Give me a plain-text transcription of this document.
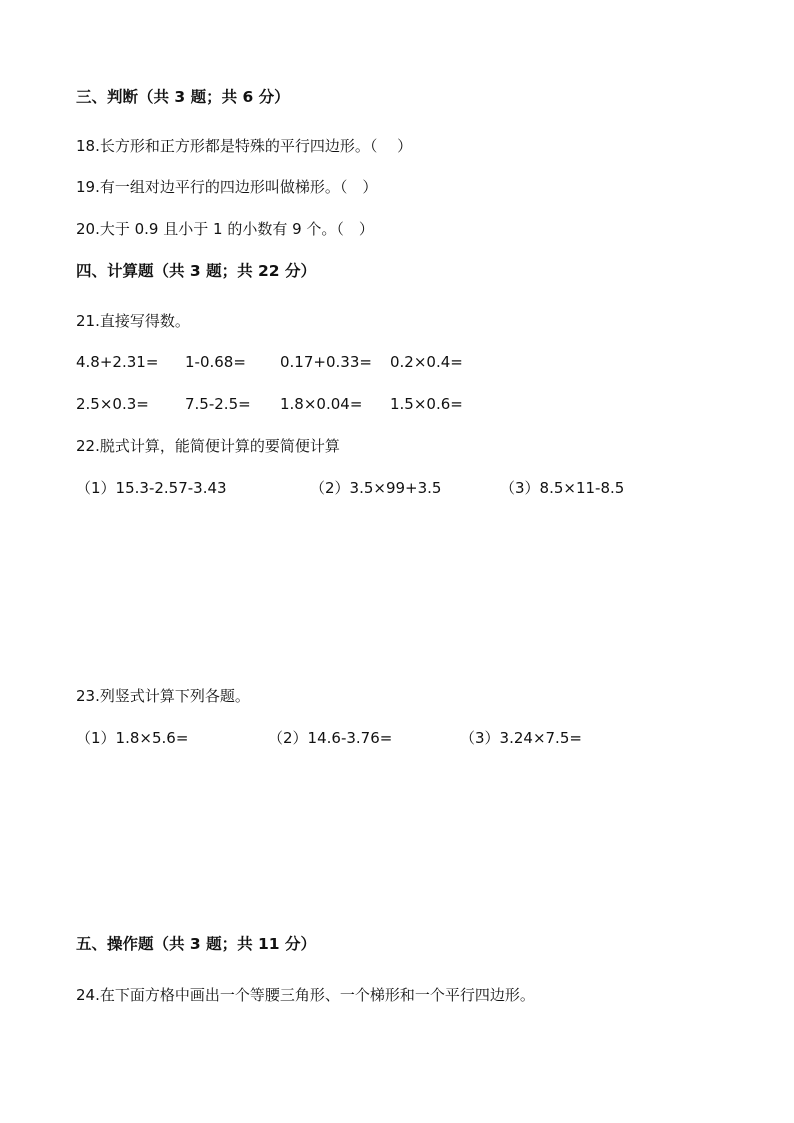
三、判断（共 3 题；共 6 分）
18.长方形和正方形都是特殊的平行四边形。（　 ）
19.有一组对边平行的四边形叫做梯形。（　）
20.大于 0.9 且小于 1 的小数有 9 个。（　）
四、计算题（共 3 题；共 22 分）
21.直接写得数。
4.8+2.31= 1-0.68= 0.17+0.33= 0.2×0.4=
2.5×0.3= 7.5-2.5= 1.8×0.04= 1.5×0.6=
22.脱式计算，能简便计算的要简便计算
（1）15.3-2.57-3.43	（2）3.5×99+3.5	（3）8.5×11-8.5
23.列竖式计算下列各题。
（1）1.8×5.6=	（2）14.6-3.76=	（3）3.24×7.5=
五、操作题（共 3 题；共 11 分）
24.在下面方格中画出一个等腰三角形、一个梯形和一个平行四边形。
